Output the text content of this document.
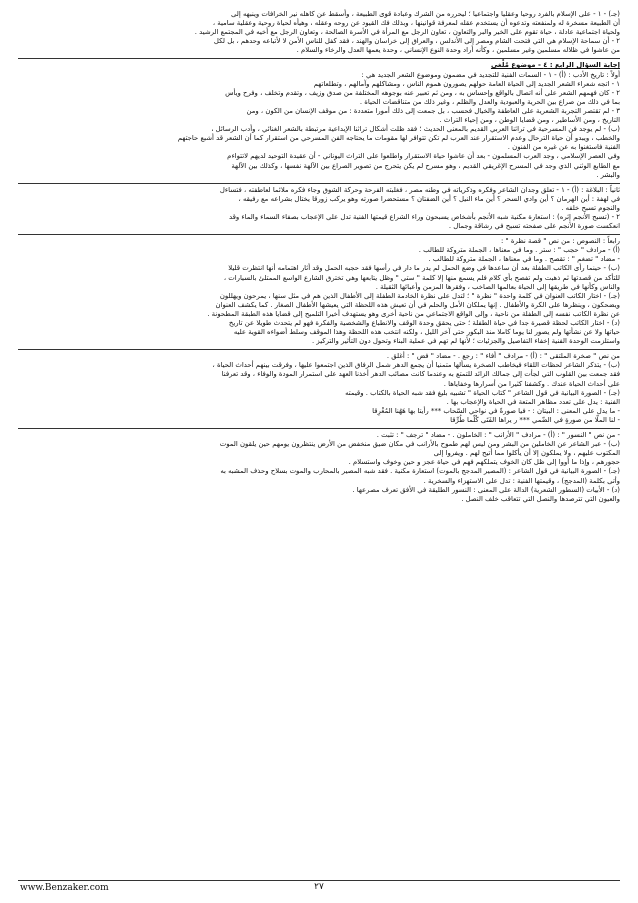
(جـ) - ١ - على الإسلام بالفرد روحيا وعقليا واجتماعيا ؛ ليحرره من الشرك وعبادة قوى الطبيعة ، وأسقط عن كاهله نير الخرافات وينبهه إلى

أن الطبيعة مسخرة له ولمنفعته وتدعوه أن يستخدم عقله لمعرفة قوانينها ، وبذلك فك القيود عن روحه وعقله ، وهيأه لحياة روحية وعقلية سامية ،

ولحياة اجتماعية عادلة ، حياة تقوم على الخير والبر والتعاون ، تعاون الرجل مع المرأة في الأسرة الصالحة ، وتعاون الرجل مع أخيه في المجتمع الرشيد .

٢ - أن سماحة الإسلام هي التي فتحت الشام ومصر إلى الأندلس ، والعراق إلى خراسان والهند ، فقد كفل للناس الأمن لا لأتباعه وحدهم ، بل لكل

من عاشوا في ظلاله مسلمين وغير مسلمين ، وكأنه أراد وحدة النوع الإنساني ، وحدة يعمها العدل والرخاء والسلام .

إجابة السؤال الرابع : ٤ - موضوع مُلْغى

أولاً : تاريخ الأدب : (أ) - ١ - السمات الفنية للتجديد في مضمون وموضوع الشعر الجديد هي :

١ - اتجه شعراء الشعر الجديد إلى الحياة العامة حولهم يصورون هموم الناس ، ومشاكلهم وآمالهم ، وتطلعاتهم

٢ - كان فهمهم الشعر على أنه اتصال بالواقع وإحساس به ، ومن ثم تعبير عنه بوجوهه المختلفة من صدق وزيف ، وتقدم وتخلف ، وفرح ويأس

بما في ذلك من صراع بين الحرية والعبودية والعدل والظلم ، وغير ذلك من متناقضات الحياة .

٣ - لم تقتصر التجربة الشعرية على العاطفة والخيال فحسب ، بل جمعت إلى ذلك أمورا متعددة : من موقف الإنسان من الكون ، ومن

التاريخ ، ومن الأساطير ، ومن قضايا الوطن ، ومن إحياء التراث .

(ب) - لم يوجد فن المسرحية في تراثنا العربي القديم بالمعنى الحديث ؛ فقد ظلت أشكال تراثنا الإبداعية مرتبطة بالشعر الغنائي ، وأدب الرسائل ،

والخطب ، ويبدو أن حياة الترحال وعدم الاستقرار عند العرب لم تكن تتوافر لها مقومات ما يحتاجه الفن المسرحي من استقرار كما أن الشعر قد أشبع حاجتهم

الفنية فاستغنوا به عن غيره من الفنون .

وفي العصر الإسلامي ، وجد العرب المسلمون - بعد أن عاشوا حياة الاستقرار واطلعوا على التراث اليوناني - أن عقيدة التوحيد لديهم لاتتواءم

مع الطابع الوثني الذي وجد في المسرح الإغريقي القديم ، وهو مسرح لم يكن يتحرج من تصوير الصراع بين الآلهة نفسها ، وكذلك بين الآلهة

والبشر .

ثانياً : البلاغة : (أ) - ١ - تعلق وجدان الشاعر وفكره وذكرياته في وطنه مصر ، فغلبته الفرحة وحركة الشوق وجاء فكره ملائما لعاطفته ، فتساءل

في لهفة : أين الهرمان ؟ أين وادي السحر ؟ أين ماء النيل ؟ أين الضفتان ؟ مستحضرا صورته وهو يركب زورقا يختال بشراعه مع رفيقه ،

والنجوم تسبح خلفه .

٢ - (تسبح الأنجم إثره) : استعارة مكنية شبه الأنجم بأشخاص يسبحون وراء الشراع قيمتها الفنية تدل على الإعجاب بصفاء السماء والماء وقد

انعكست صورة الأنجم على صفحته تسبح في رشاقة وجمال .

رابعاً : النصوص : من نص " قصة نظرة " :

(أ) - مرادف " حجب " : ستر . وما في معناها ، الجملة متروكة للطالب .

- مضاد " تضغم " : تقصح . وما في معناها ، الجملة متروكة للطالب .

(ب) - حينما رأى الكاتب الطفلة بعد أن ساعدها في وضع الحمل لم يدر ما دار في رأسها فقد حجبه الحمل وقد أثار اهتمامه أنها انتظرت قليلا

للتأكد من قصدتها ثم ذهبت ولم تفصح بأي كلام فلم يسمع منها إلا كلمة " ستي " وظل يتابعها وهي تخترق الشارع الواسع الممتلئ بالسيارات ،

والناس وكأنها في طريقها إلى الحياة بعالمها الصاخب ، وفقرها المزمن وأعبائها الثقيلة .

(جـ) - اختار الكاتب العنوان في كلمة واحدة " نظرة " ؛ لتدل على نظرة الخادمة الطفلة إلى الأطفال الذين هم في مثل سنها ، يمرحون ويهللون

ويضحكون ، وينظرها على الكرة والأطفال . إنها يملكان الأمل والحلم في أن تعيش هذه اللحظة التي يعيشها الأطفال الصغار . كما يكشف العنوان

عن نظرة الكاتب نفسه إلى الطفلة من ناحية ، وإلى الواقع الاجتماعي من ناحية أخرى وهو يستهدف أخيرا التلميح إلى قضايا هذه الطبقة المطحونة .

(د) - اختار الكاتب لحظة قصيرة جدا في حياة الطفلة ؛ حتى يحقق وحدة الوقف والانطباع والشخصية والفكرة فهو لم يتحدث طويلا عن تاريخ

حياتها ولا عن نشأتها ولم يصور لنا يوما كاملا منذ البكور حتى آخر الليل ، ولكنه انتخب هذه اللحظة وهذا الموقف وسلط أضواءه القوية عليه

واستلزمت الوحدة الفنية إخفاء التفاصيل والجزئيات ؛ لأنها لم تهم في عملية البناء وتحول دون التأثير والتركيز .

من نص " صخرة الملتقى " : (أ) - مرادف " أفاء " : رجع . - مضاد " فض " : أغلق .

(ب) - يتذكر الشاعر لحظات اللقاء فيخاطب الصخرة يسألها متمنيا أن يجمع الدهر شمل الرفاق الذين اجتمعوا عليها ، وفرقت بينهم أحداث الحياة ،

فقد جمعت بين القلوب التي لجأت إلى جمالك الزائد للتمتع به وعندما كانت مصائب الدهر أخذنا العهد على استمرار المودة والوفاء ، وقد تعرفنا

على أحداث الحياة عندك . وكشفنا كثيرا من أسرارها وخفاياها .

(جـ) - الصورة البيانية في قول الشاعر " كتاب الحياة " تشبيه بليغ فقد شبه الحياة بالكتاب . وقيمته

الفنية : يدل على تعدد مظاهر المتعة في الحياة والإعجاب بها .

- ما يدل على المعنى : البيتان : - فيا صورةً في نواحي السّحاب *** رأيتا بها هَهُنا المُغْرِقا

- لنا الملّا من صورةٍ في الضّمي *** ر يراها الفَتَى كُلّما طُرِّقا

- من نص " النسور " : (أ) - مرادف " الأرانب " : الخاملون . - مضاد " ترجف " : تثبت .

(ب) - عبر الشاعر عن الخاملين من البشر ومن ليس لهم طموح بالأرانب في مكان ضيق منخفض من الأرض ينتظرون يومهم حين يلقون الموت

المكتوب عليهم ، ولا يملكون إلا أن يأكلوا مما أتيح لهم . ويفروا إلى

حجورهم ، وإذا ما أووا إلى ظل كان الخوف يتملكهم فهم في حياة عجز و حين وخوف واستسلام .

(جـ) - الصورة البيانية في قول الشاعر : (المصير المدجج بالموت) استعارة مكنية . فقد شبه المصير بالمحارب والموت بسلاح وحذف المشبه به

وأتى بكلمة (المدجج) ، وقيمتها الفنية : تدل على الاستهزاء والسخرية .

(د) - الأبيات (السطور الشعرية) الدالة على المعنى : النسور الطليقة في الأفق تعرف مصرعها .

والعيون التي تترصدها والنصل التي تتعاقب خلف النصل .

www.Benzaker.com	٢٧
